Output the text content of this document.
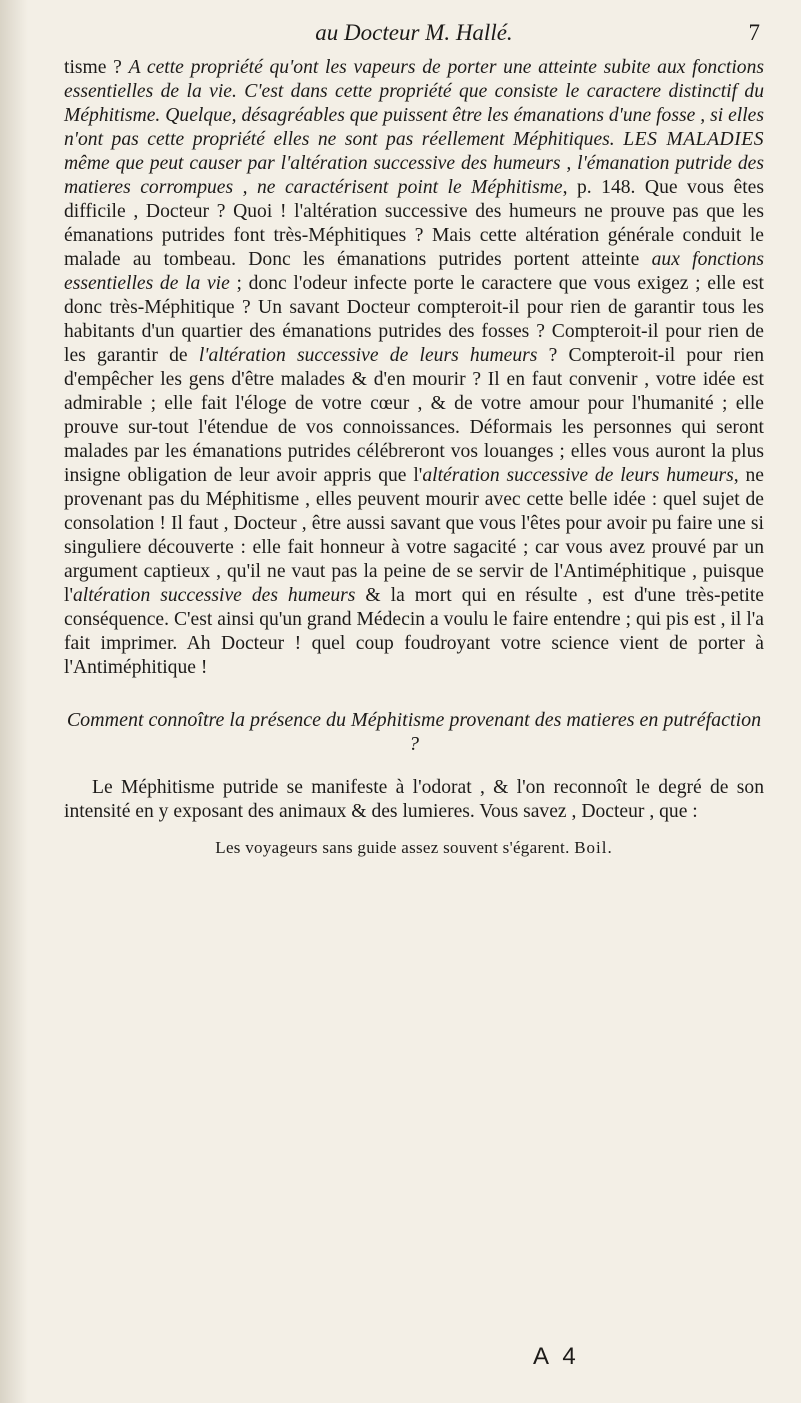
au Docteur M. Hallé.	7

tisme ? A cette propriété qu'ont les vapeurs de porter une atteinte subite aux fonctions essentielles de la vie. C'est dans cette propriété que consiste le caractere distinctif du Méphitisme. Quelque, désagréables que puissent être les émanations d'une fosse , si elles n'ont pas cette propriété elles ne sont pas réellement Méphitiques. LES MALADIES même que peut causer par l'altération successive des humeurs , l'émanation putride des matieres corrompues , ne caractérisent point le Méphitisme, p. 148. Que vous êtes difficile , Docteur ? Quoi ! l'altération successive des humeurs ne prouve pas que les émanations putrides font très-Méphitiques ? Mais cette altération générale conduit le malade au tombeau. Donc les émanations putrides portent atteinte aux fonctions essentielles de la vie ; donc l'odeur infecte porte le caractere que vous exigez ; elle est donc très-Méphitique ? Un savant Docteur compteroit-il pour rien de garantir tous les habitants d'un quartier des émanations putrides des fosses ? Compteroit-il pour rien de les garantir de l'altération successive de leurs humeurs ? Compteroit-il pour rien d'empêcher les gens d'être malades & d'en mourir ? Il en faut convenir , votre idée est admirable ; elle fait l'éloge de votre cœur , & de votre amour pour l'humanité ; elle prouve sur-tout l'étendue de vos connoissances. Déformais les personnes qui seront malades par les émanations putrides célébreront vos louanges ; elles vous auront la plus insigne obligation de leur avoir appris que l'altération successive de leurs humeurs, ne provenant pas du Méphitisme , elles peuvent mourir avec cette belle idée : quel sujet de consolation ! Il faut , Docteur , être aussi savant que vous l'êtes pour avoir pu faire une si singuliere découverte : elle fait honneur à votre sagacité ; car vous avez prouvé par un argument captieux , qu'il ne vaut pas la peine de se servir de l'Antiméphitique , puisque l'altération successive des humeurs & la mort qui en résulte , est d'une très-petite conséquence. C'est ainsi qu'un grand Médecin a voulu le faire entendre ; qui pis est , il l'a fait imprimer. Ah Docteur ! quel coup foudroyant votre science vient de porter à l'Antiméphitique !

Comment connoître la présence du Méphitisme provenant des matieres en putréfaction ?

Le Méphitisme putride se manifeste à l'odorat , & l'on reconnoît le degré de son intensité en y exposant des animaux & des lumieres. Vous savez , Docteur , que :

Les voyageurs sans guide assez souvent s'égarent. Boil.
A 4
